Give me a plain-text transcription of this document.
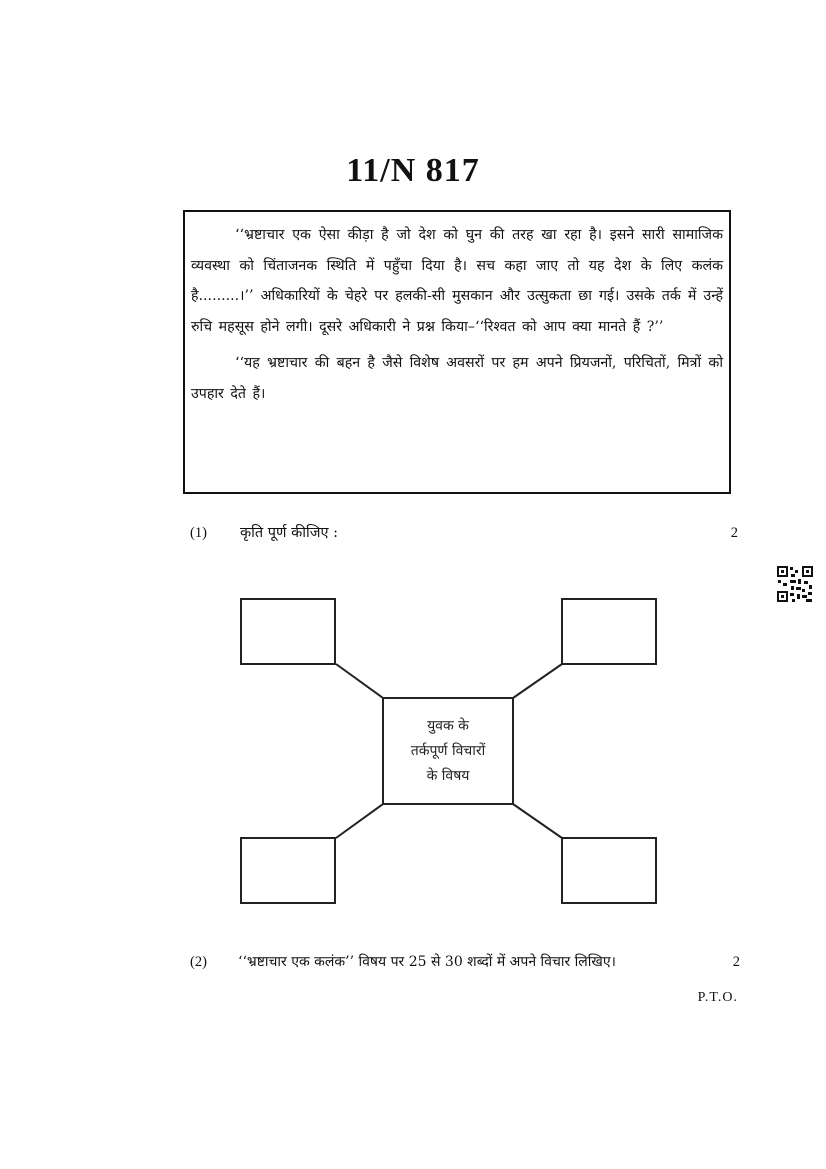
11/N 817

‘‘भ्रष्टाचार एक ऐसा कीड़ा है जो देश को घुन की तरह खा रहा है। इसने सारी सामाजिक व्यवस्था को चिंताजनक स्थिति में पहुँचा दिया है। सच कहा जाए तो यह देश के लिए कलंक है.........।’’ अधिकारियों के चेहरे पर हलकी-सी मुसकान और उत्सुकता छा गई। उसके तर्क में उन्हें रुचि महसूस होने लगी। दूसरे अधिकारी ने प्रश्न किया–‘‘रिश्वत को आप क्या मानते हैं ?’’

‘‘यह भ्रष्टाचार की बहन है जैसे विशेष अवसरों पर हम अपने प्रियजनों, परिचितों, मित्रों को उपहार देते हैं।

(1) कृति पूर्ण कीजिए :	2
युवक के
तर्कपूर्ण विचारों
के विषय
(2) ‘‘भ्रष्टाचार एक कलंक’’ विषय पर 25 से 30 शब्दों में अपने विचार लिखिए।	2
P.T.O.
